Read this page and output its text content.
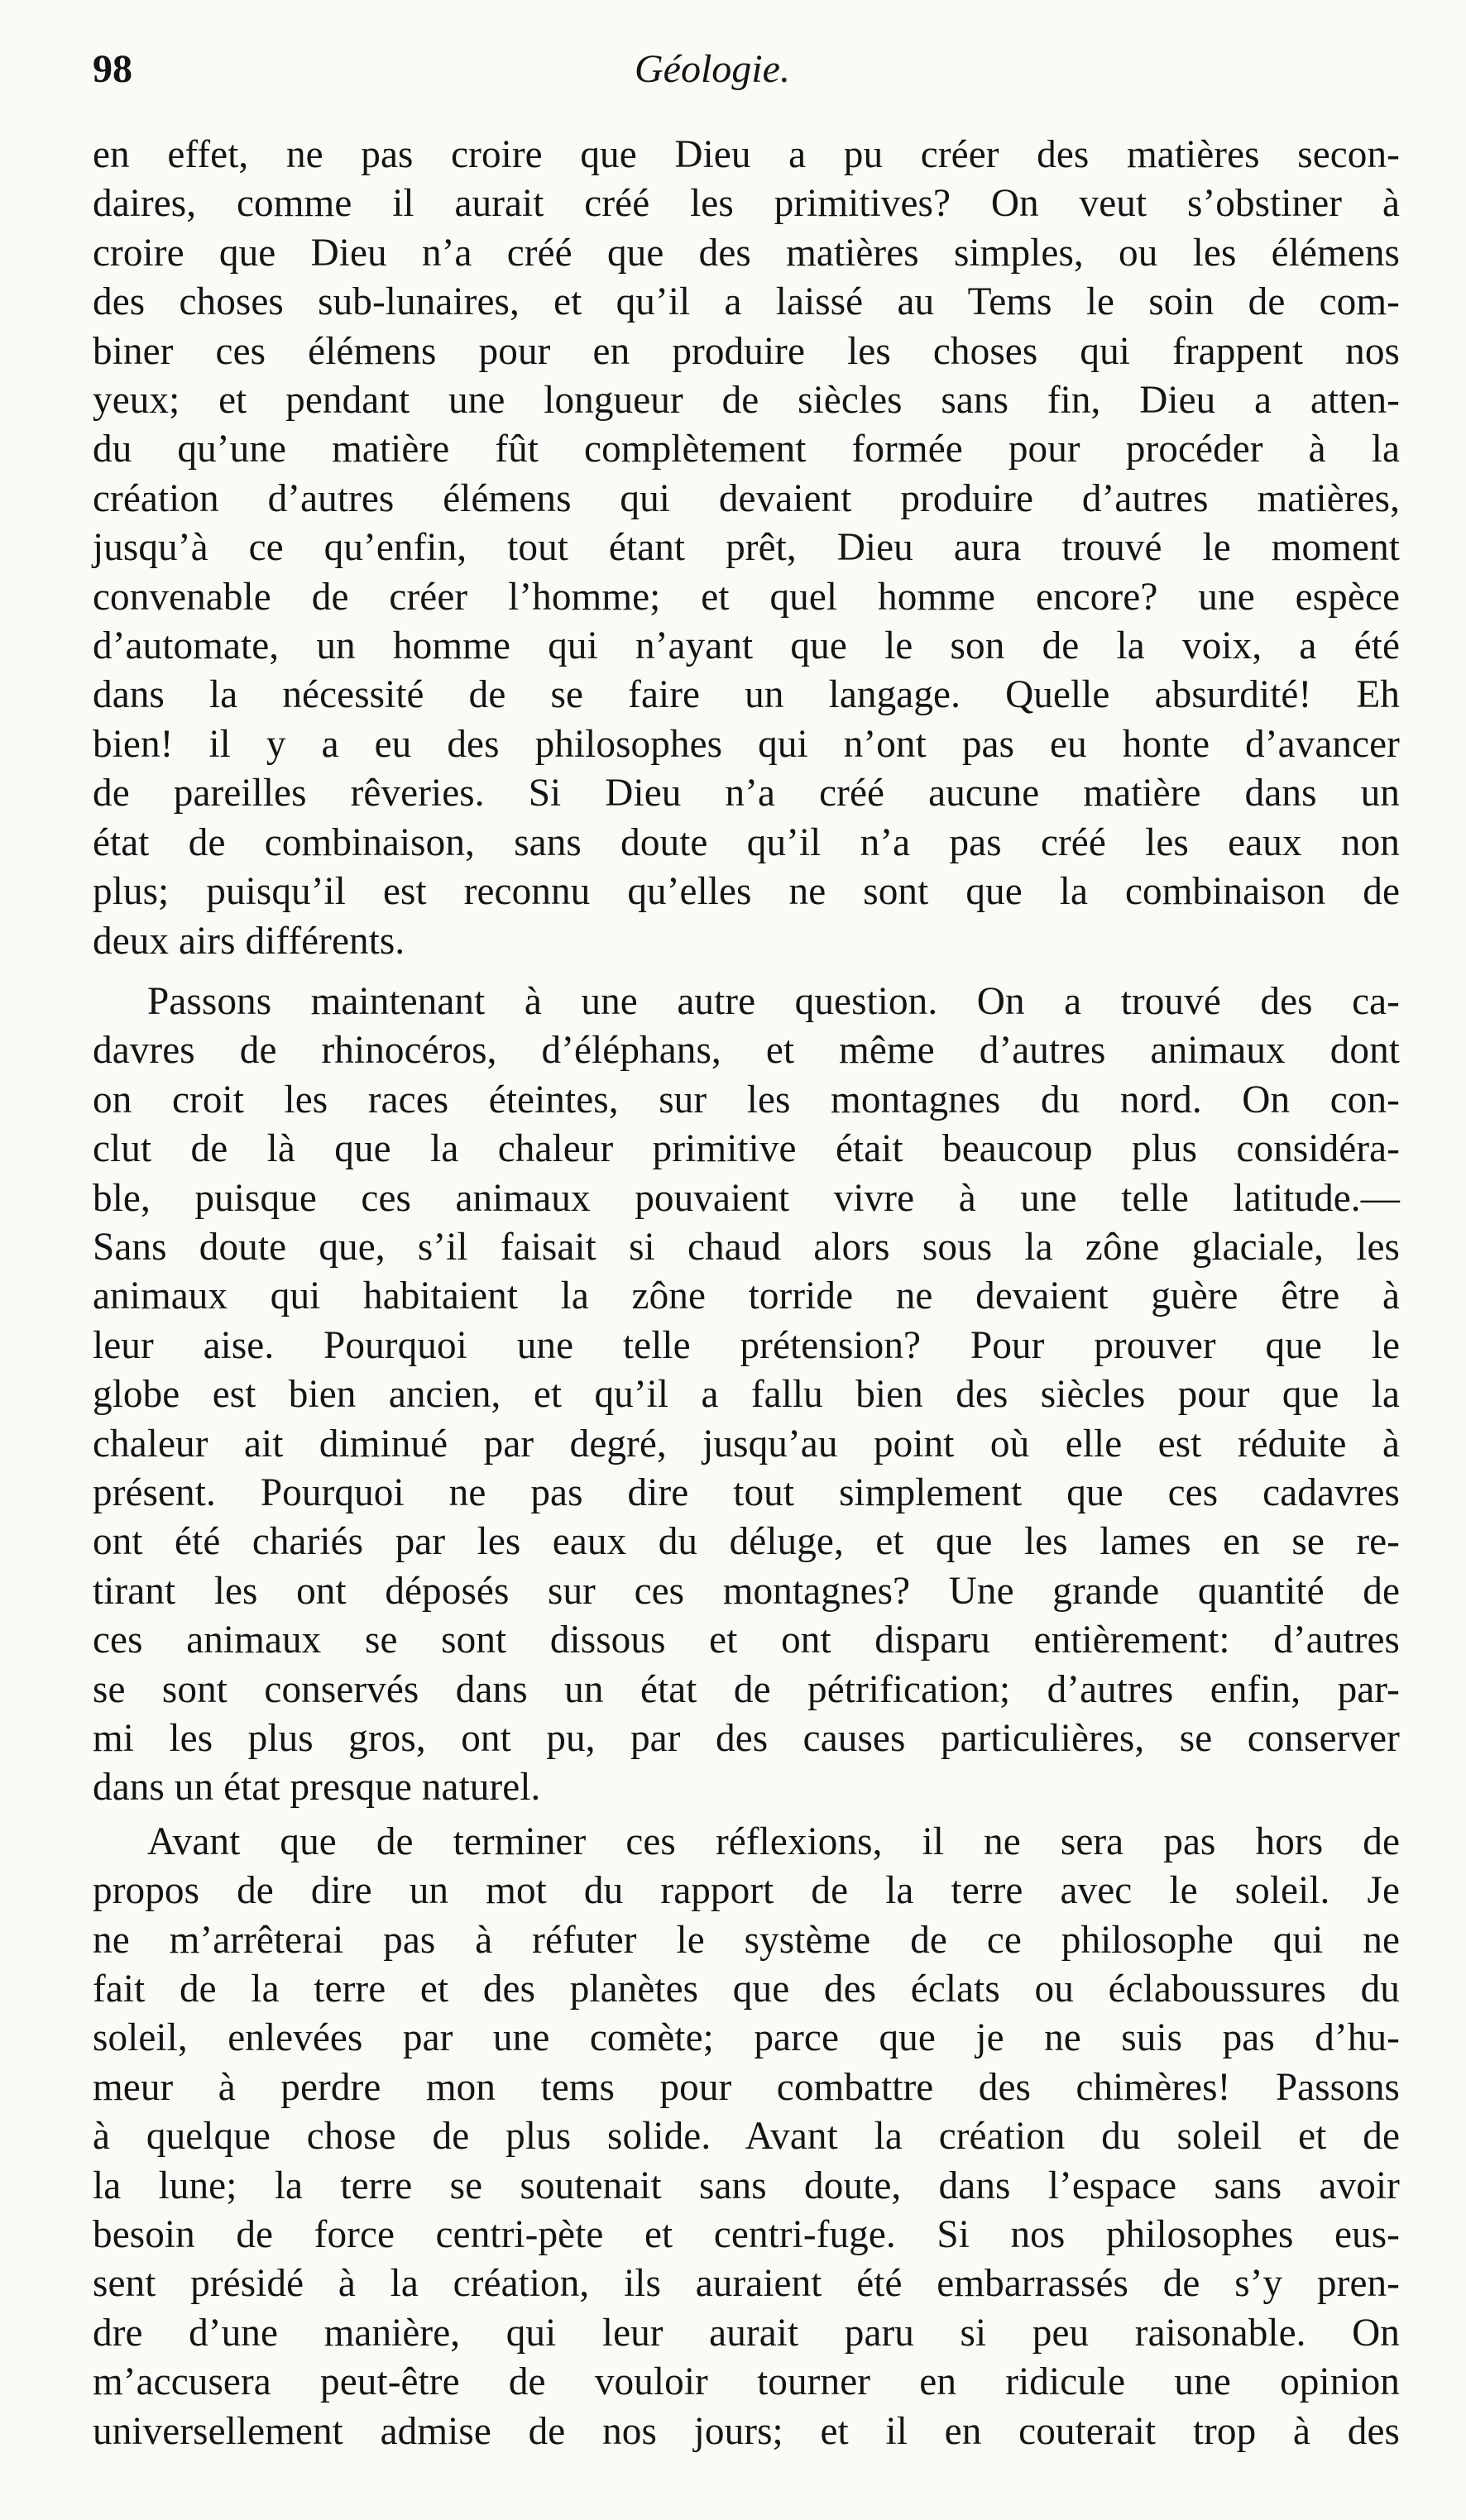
98	Géologie.
en effet, ne pas croire que Dieu a pu créer des matières secon-
daires, comme il aurait créé les primitives? On veut s’obstiner à
croire que Dieu n’a créé que des matières simples, ou les élémens
des choses sub-lunaires, et qu’il a laissé au Tems le soin de com-
biner ces élémens pour en produire les choses qui frappent nos
yeux; et pendant une longueur de siècles sans fin, Dieu a atten-
du qu’une matière fût complètement formée pour procéder à la
création d’autres élémens qui devaient produire d’autres matières,
jusqu’à ce qu’enfin, tout étant prêt, Dieu aura trouvé le moment
convenable de créer l’homme; et quel homme encore? une espèce
d’automate, un homme qui n’ayant que le son de la voix, a été
dans la nécessité de se faire un langage. Quelle absurdité! Eh
bien! il y a eu des philosophes qui n’ont pas eu honte d’avancer
de pareilles rêveries. Si Dieu n’a créé aucune matière dans un
état de combinaison, sans doute qu’il n’a pas créé les eaux non
plus; puisqu’il est reconnu qu’elles ne sont que la combinaison de
deux airs différents.
Passons maintenant à une autre question. On a trouvé des ca-
davres de rhinocéros, d’éléphans, et même d’autres animaux dont
on croit les races éteintes, sur les montagnes du nord. On con-
clut de là que la chaleur primitive était beaucoup plus considéra-
ble, puisque ces animaux pouvaient vivre à une telle latitude.—
Sans doute que, s’il faisait si chaud alors sous la zône glaciale, les
animaux qui habitaient la zône torride ne devaient guère être à
leur aise. Pourquoi une telle prétension? Pour prouver que le
globe est bien ancien, et qu’il a fallu bien des siècles pour que la
chaleur ait diminué par degré, jusqu’au point où elle est réduite à
présent. Pourquoi ne pas dire tout simplement que ces cadavres
ont été chariés par les eaux du déluge, et que les lames en se re-
tirant les ont déposés sur ces montagnes? Une grande quantité de
ces animaux se sont dissous et ont disparu entièrement: d’autres
se sont conservés dans un état de pétrification; d’autres enfin, par-
mi les plus gros, ont pu, par des causes particulières, se conserver
dans un état presque naturel.
Avant que de terminer ces réflexions, il ne sera pas hors de
propos de dire un mot du rapport de la terre avec le soleil. Je
ne m’arrêterai pas à réfuter le système de ce philosophe qui ne
fait de la terre et des planètes que des éclats ou éclaboussures du
soleil, enlevées par une comète; parce que je ne suis pas d’hu-
meur à perdre mon tems pour combattre des chimères! Passons
à quelque chose de plus solide. Avant la création du soleil et de
la lune; la terre se soutenait sans doute, dans l’espace sans avoir
besoin de force centri-pète et centri-fuge. Si nos philosophes eus-
sent présidé à la création, ils auraient été embarrassés de s’y pren-
dre d’une manière, qui leur aurait paru si peu raisonable. On
m’accusera peut-être de vouloir tourner en ridicule une opinion
universellement admise de nos jours; et il en couterait trop à des
